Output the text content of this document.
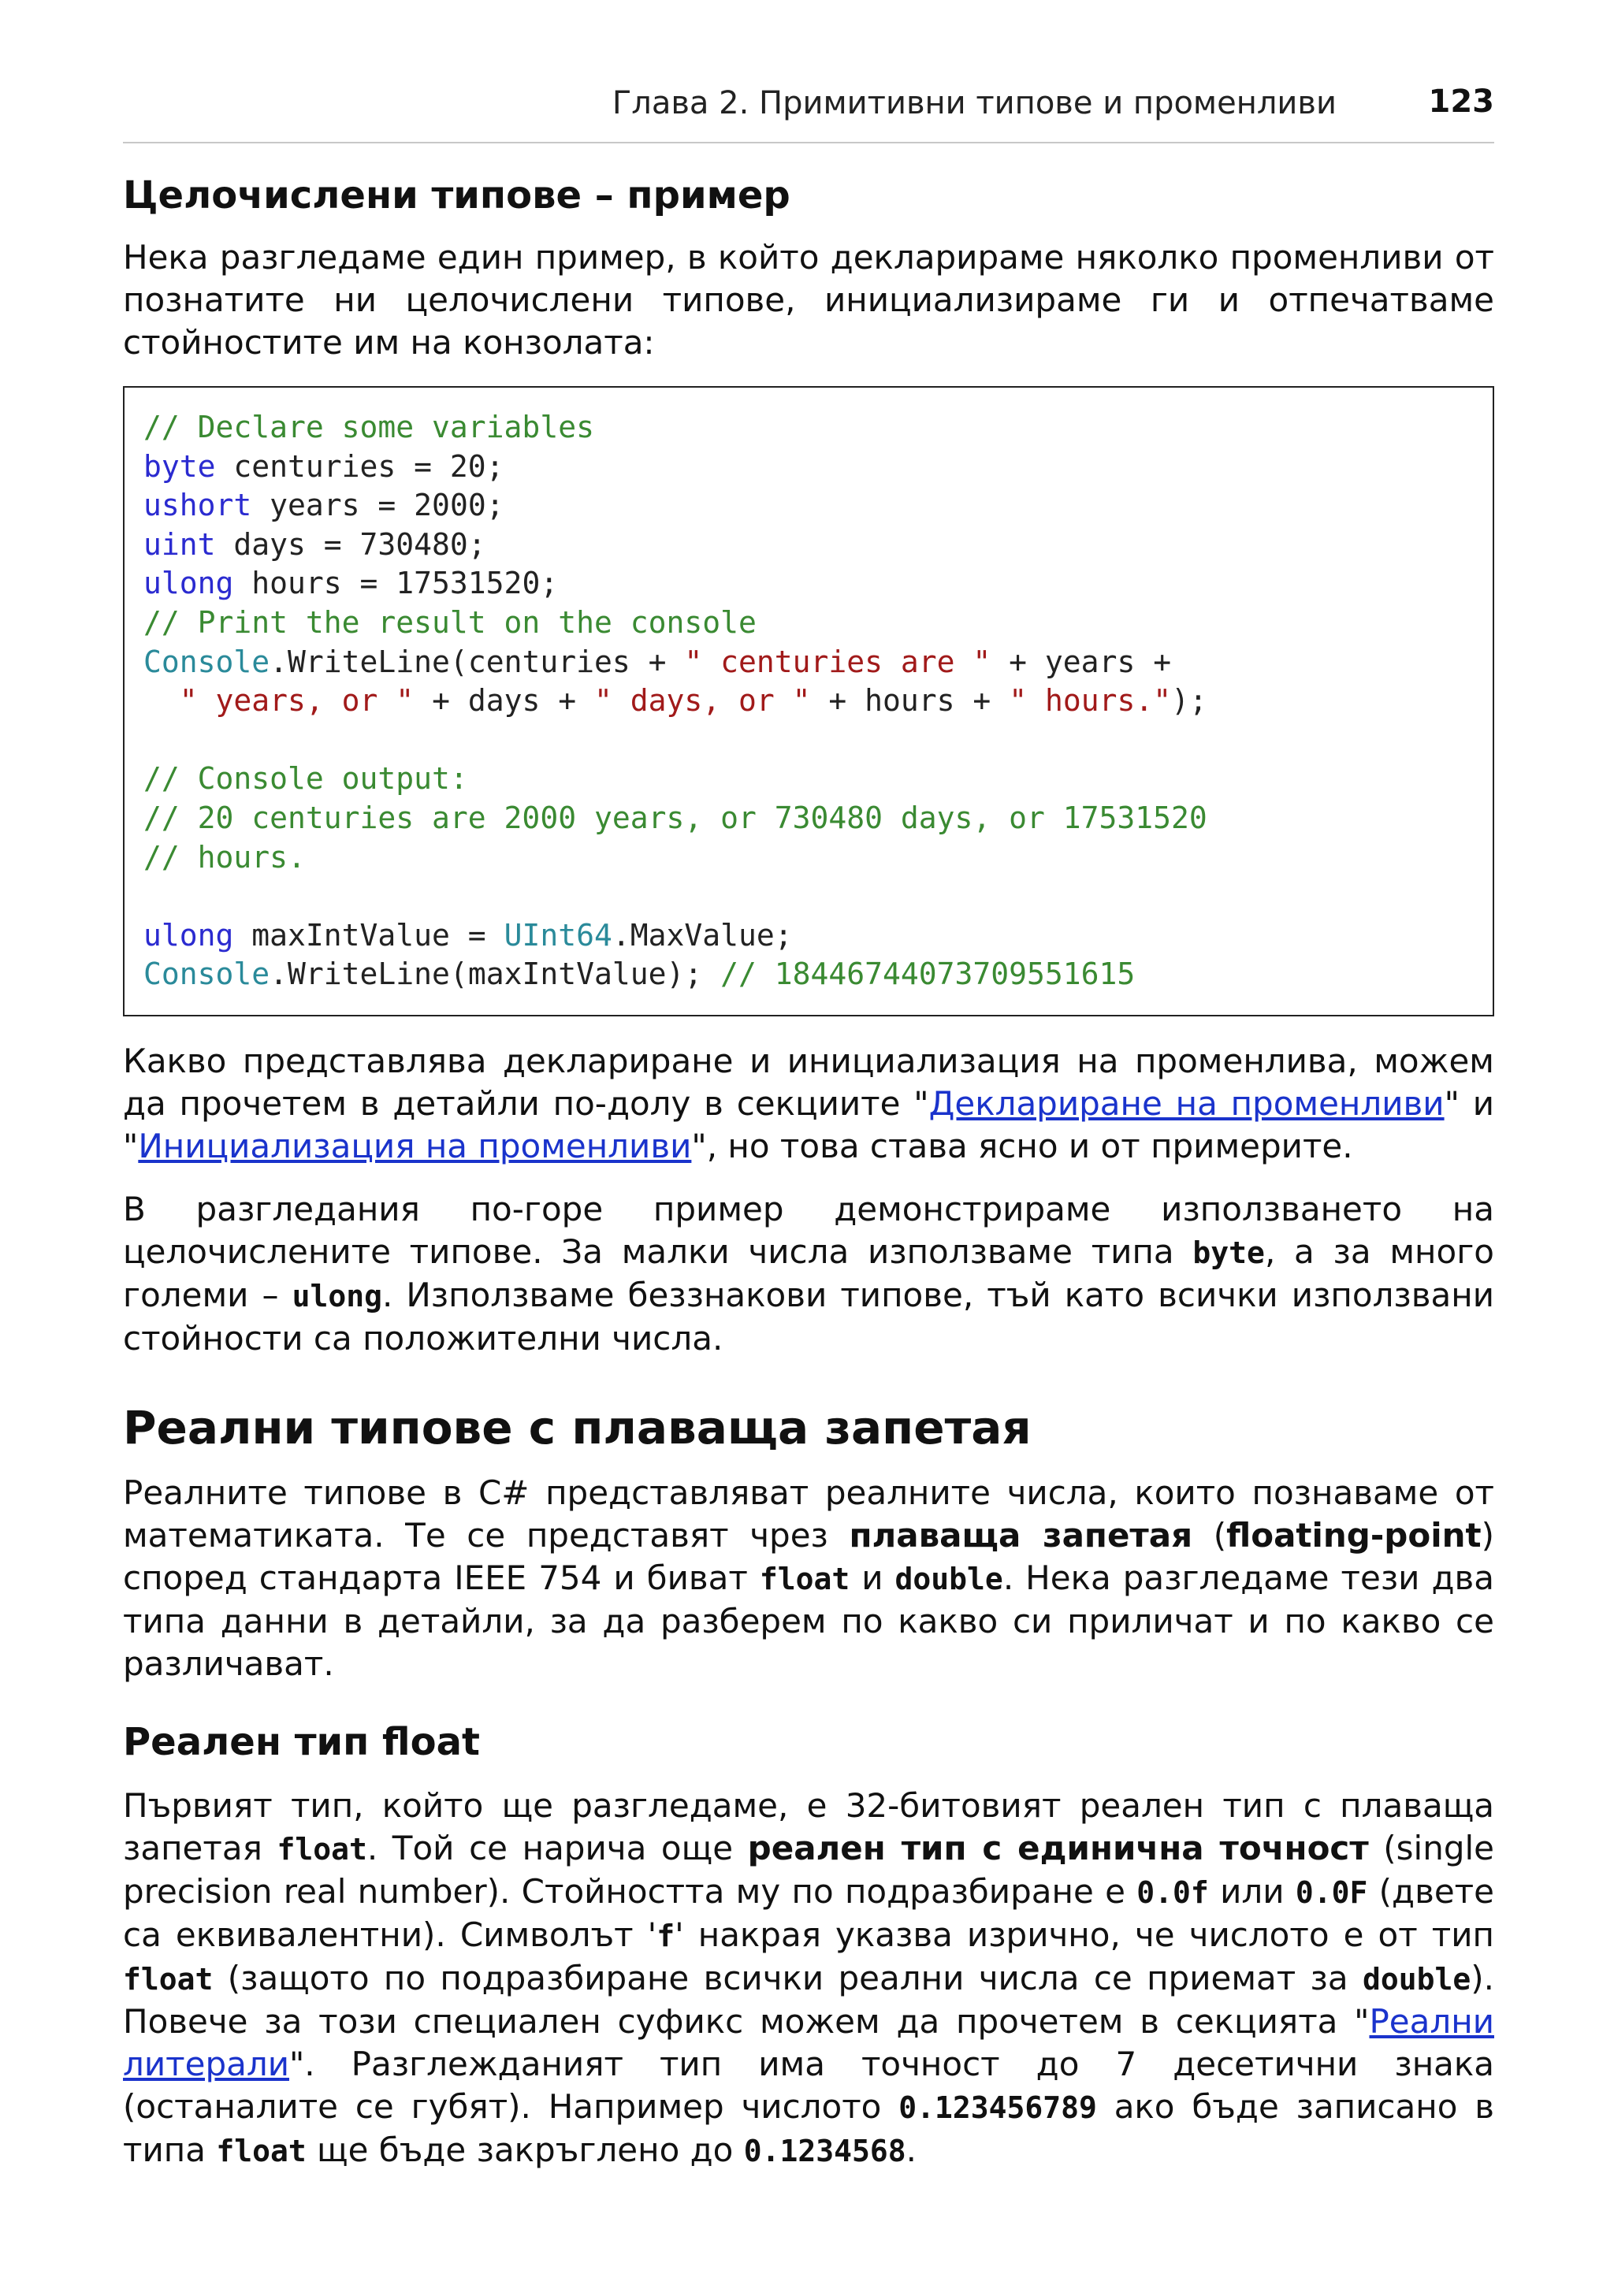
Глава 2. Примитивни типове и променливи	123
Целочислени типове – пример

Нека разгледаме един пример, в който декларираме няколко променливи от познатите ни целочислени типове, инициализираме ги и отпечатваме стойностите им на конзолата:

// Declare some variables
byte centuries = 20;
ushort years = 2000;
uint days = 730480;
ulong hours = 17531520;
// Print the result on the console
Console.WriteLine(centuries + " centuries are " + years +
" years, or " + days + " days, or " + hours + " hours.");
// Console output:
// 20 centuries are 2000 years, or 730480 days, or 17531520
// hours.
ulong maxIntValue = UInt64.MaxValue;
Console.WriteLine(maxIntValue); // 18446744073709551615

Какво представлява деклариране и инициализация на променлива, можем да прочетем в детайли по-долу в секциите "Деклариране на променливи" и "Инициализация на променливи", но това става ясно и от примерите.

В разгледания по-горе пример демонстрираме използването на целочислените типове. За малки числа използваме типа byte, а за много големи – ulong. Използваме беззнакови типове, тъй като всички използвани стойности са положителни числа.

Реални типове с плаваща запетая

Реалните типове в C# представляват реалните числа, които познаваме от математиката. Те се представят чрез плаваща запетая (floating-point) според стандарта IEEE 754 и биват float и double. Нека разгледаме тези два типа данни в детайли, за да разберем по какво си приличат и по какво се различават.

Реален тип float

Първият тип, който ще разгледаме, е 32-битовият реален тип с плаваща запетая float. Той се нарича още реален тип с единична точност (single precision real number). Стойността му по подразбиране е 0.0f или 0.0F (двете са еквивалентни). Символът 'f' накрая указва изрично, че числото е от тип float (защото по подразбиране всички реални числа се приемат за double). Повече за този специален суфикс можем да прочетем в секцията "Реални литерали". Разглежданият тип има точност до 7 десетични знака (останалите се губят). Например числото 0.123456789 ако бъде записано в типа float ще бъде закръглено до 0.1234568.
